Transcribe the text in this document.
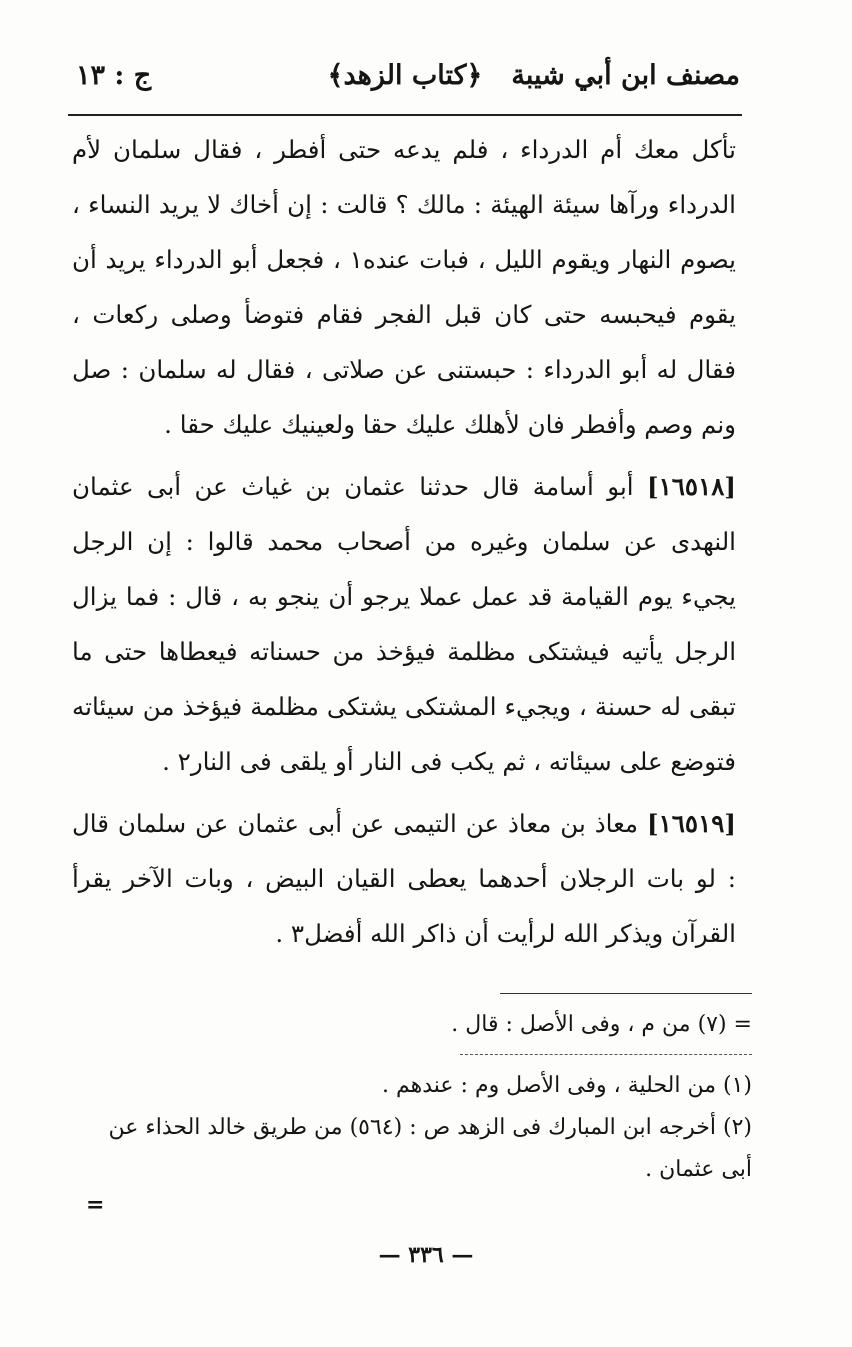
مصنف ابن أبي شيبة
﴿كتاب الزهد﴾
ج : ١٣

تأكل معك أم الدرداء ، فلم يدعه حتى أفطر ، فقال سلمان لأم الدرداء ورآها سيئة الهيئة : مالك ؟ قالت : إن أخاك لا يريد النساء ، يصوم النهار ويقوم الليل ، فبات عنده١ ، فجعل أبو الدرداء يريد أن يقوم فيحبسه حتى كان قبل الفجر فقام فتوضأ وصلى ركعات ، فقال له أبو الدرداء : حبستنى عن صلاتى ، فقال له سلمان : صل ونم وصم وأفطر فان لأهلك عليك حقا ولعينيك عليك حقا .

[١٦٥١٨] أبو أسامة قال حدثنا عثمان بن غياث عن أبى عثمان النهدى عن سلمان وغيره من أصحاب محمد قالوا : إن الرجل يجيء يوم القيامة قد عمل عملا يرجو أن ينجو به ، قال : فما يزال الرجل يأتيه فيشتكى مظلمة فيؤخذ من حسناته فيعطاها حتى ما تبقى له حسنة ، ويجيء المشتكى يشتكى مظلمة فيؤخذ من سيئاته فتوضع على سيئاته ، ثم يكب فى النار أو يلقى فى النار٢ .

[١٦٥١٩] معاذ بن معاذ عن التيمى عن أبى عثمان عن سلمان قال : لو بات الرجلان أحدهما يعطى القيان البيض ، وبات الآخر يقرأ القرآن ويذكر الله لرأيت أن ذاكر الله أفضل٣ .

= (٧) من م ، وفى الأصل : قال .

(١) من الحلية ، وفى الأصل وم : عندهم .

(٢) أخرجه ابن المبارك فى الزهد ص : (٥٦٤) من طريق خالد الحذاء عن أبى عثمان .

=
— ٣٣٦ —
